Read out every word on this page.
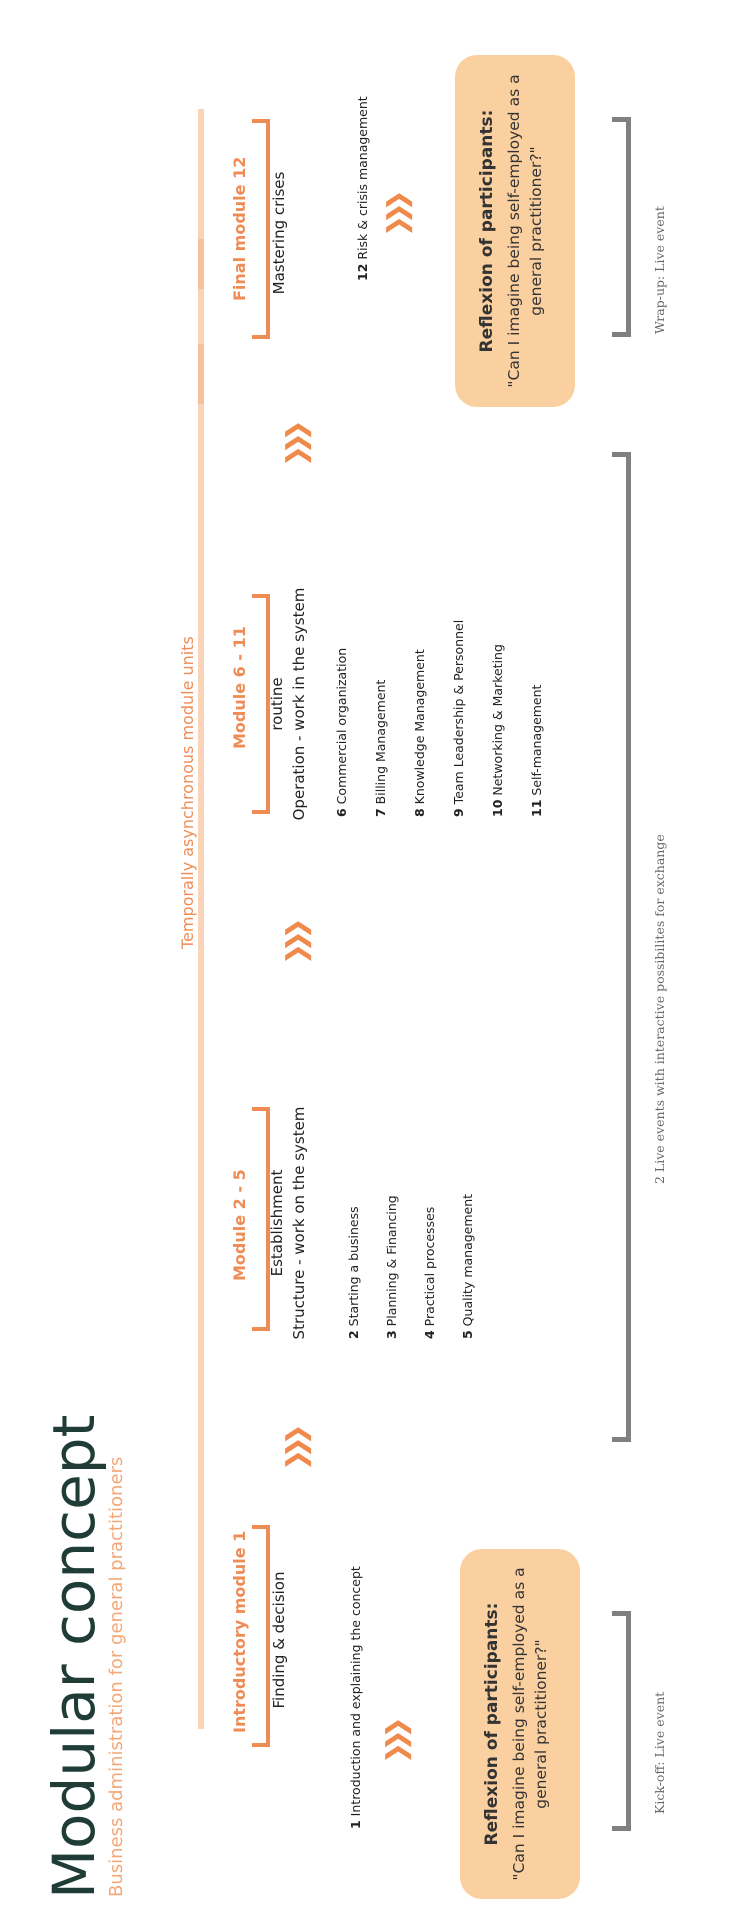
Modular concept
Business administration for general practitioners
Temporally asynchronous module units
Introductory module 1 Finding & decision
1 Introduction and explaining the concept
Module 2 - 5 Establishment Structure - work on the system	2 Starting a business
3 Planning & Financing
4 Practical processes
5 Quality management
Module 6 - 11 routine Operation - work in the system 6 Commercial organization
7 Billing Management
8 Knowledge Management
9 Team Leadership & Personnel
10 Networking & Marketing
11 Self-management
Final module 12 Mastering crises	12 Risk & crisis management
❯❯❯
❯❯❯
❯❯❯
❯❯❯
❯❯❯
Reflexion of participants: "Can I imagine being self-employed as a general practitioner?"
Reflexion of participants: "Can I imagine being self-employed as a general practitioner?"
Kick-off: Live event
2 Live events with interactive possibilites for exchange
Wrap-up: Live event
